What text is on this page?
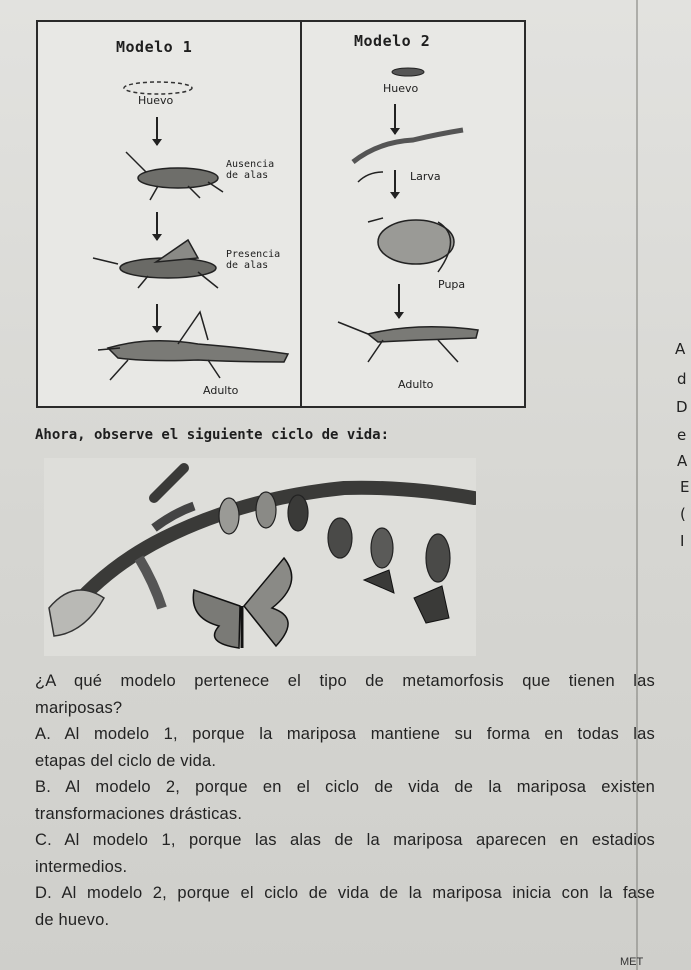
Modelo 1
Huevo
Ausencia
de alas
Presencia
de alas
Adulto
Modelo 2
Huevo
Larva
Pupa
Adulto
A
d
D
e
A
E
(
I
Ahora, observe el siguiente ciclo de vida:

¿A qué modelo pertenece el tipo de metamorfosis que tienen las

mariposas?

A. Al modelo 1, porque la mariposa mantiene su forma en todas las

etapas del ciclo de vida.

B. Al modelo 2, porque en el ciclo de vida de la mariposa existen

transformaciones drásticas.

C. Al modelo 1, porque las alas de la mariposa aparecen en estadios

intermedios.

D. Al modelo 2, porque el ciclo de vida de la mariposa inicia con la fase

de huevo.

MET
